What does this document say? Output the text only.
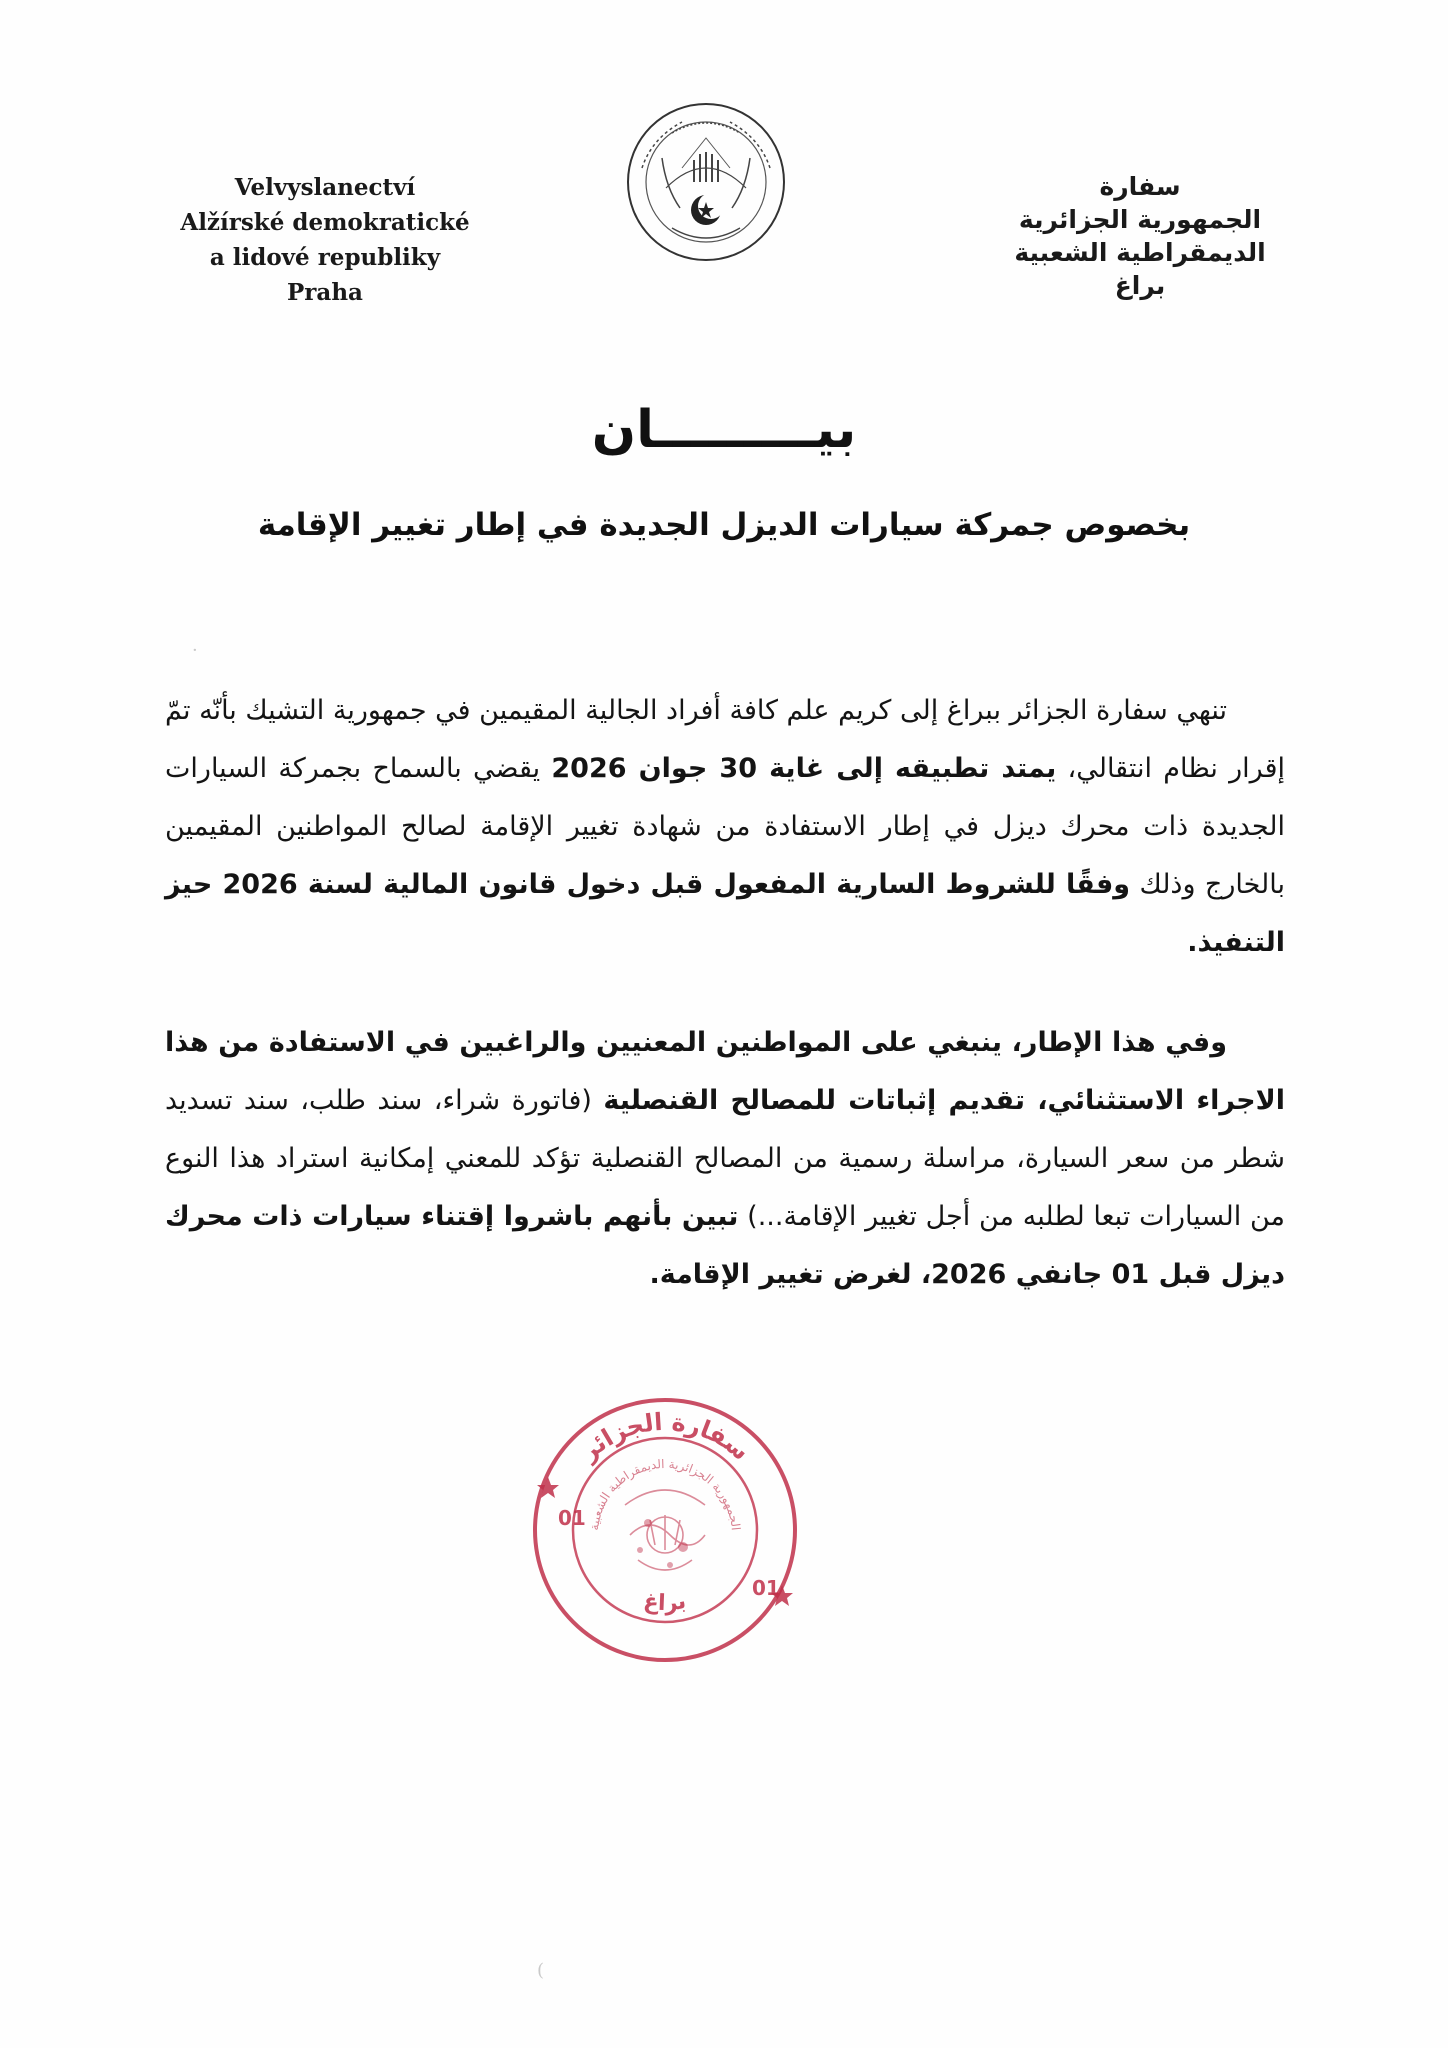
Velvyslanectví
Alžírské demokratické
a lidové republiky
Praha
سفارة
الجمهورية الجزائرية
الديمقراطية الشعبية
براغ
بيـــــــــان
بخصوص جمركة سيارات الديزل الجديدة في إطار تغيير الإقامة
تنهي سفارة الجزائر ببراغ إلى كريم علم كافة أفراد الجالية المقيمين في جمهورية التشيك بأنّه تمّ إقرار نظام انتقالي، يمتد تطبيقه إلى غاية 30 جوان 2026 يقضي بالسماح بجمركة السيارات الجديدة ذات محرك ديزل في إطار الاستفادة من شهادة تغيير الإقامة لصالح المواطنين المقيمين بالخارج وذلك وفقًا للشروط السارية المفعول قبل دخول قانون المالية لسنة 2026 حيز التنفيذ.
وفي هذا الإطار، ينبغي على المواطنين المعنيين والراغبين في الاستفادة من هذا الاجراء الاستثنائي، تقديم إثباتات للمصالح القنصلية (فاتورة شراء، سند طلب، سند تسديد شطر من سعر السيارة، مراسلة رسمية من المصالح القنصلية تؤكد للمعني إمكانية استراد هذا النوع من السيارات تبعا لطلبه من أجل تغيير الإقامة...) تبين بأنهم باشروا إقتناء سيارات ذات محرك ديزل قبل 01 جانفي 2026، لغرض تغيير الإقامة.
سفارة الجزائر
الجمهورية الجزائرية الديمقراطية الشعبية
01
01
براغ
·
(
